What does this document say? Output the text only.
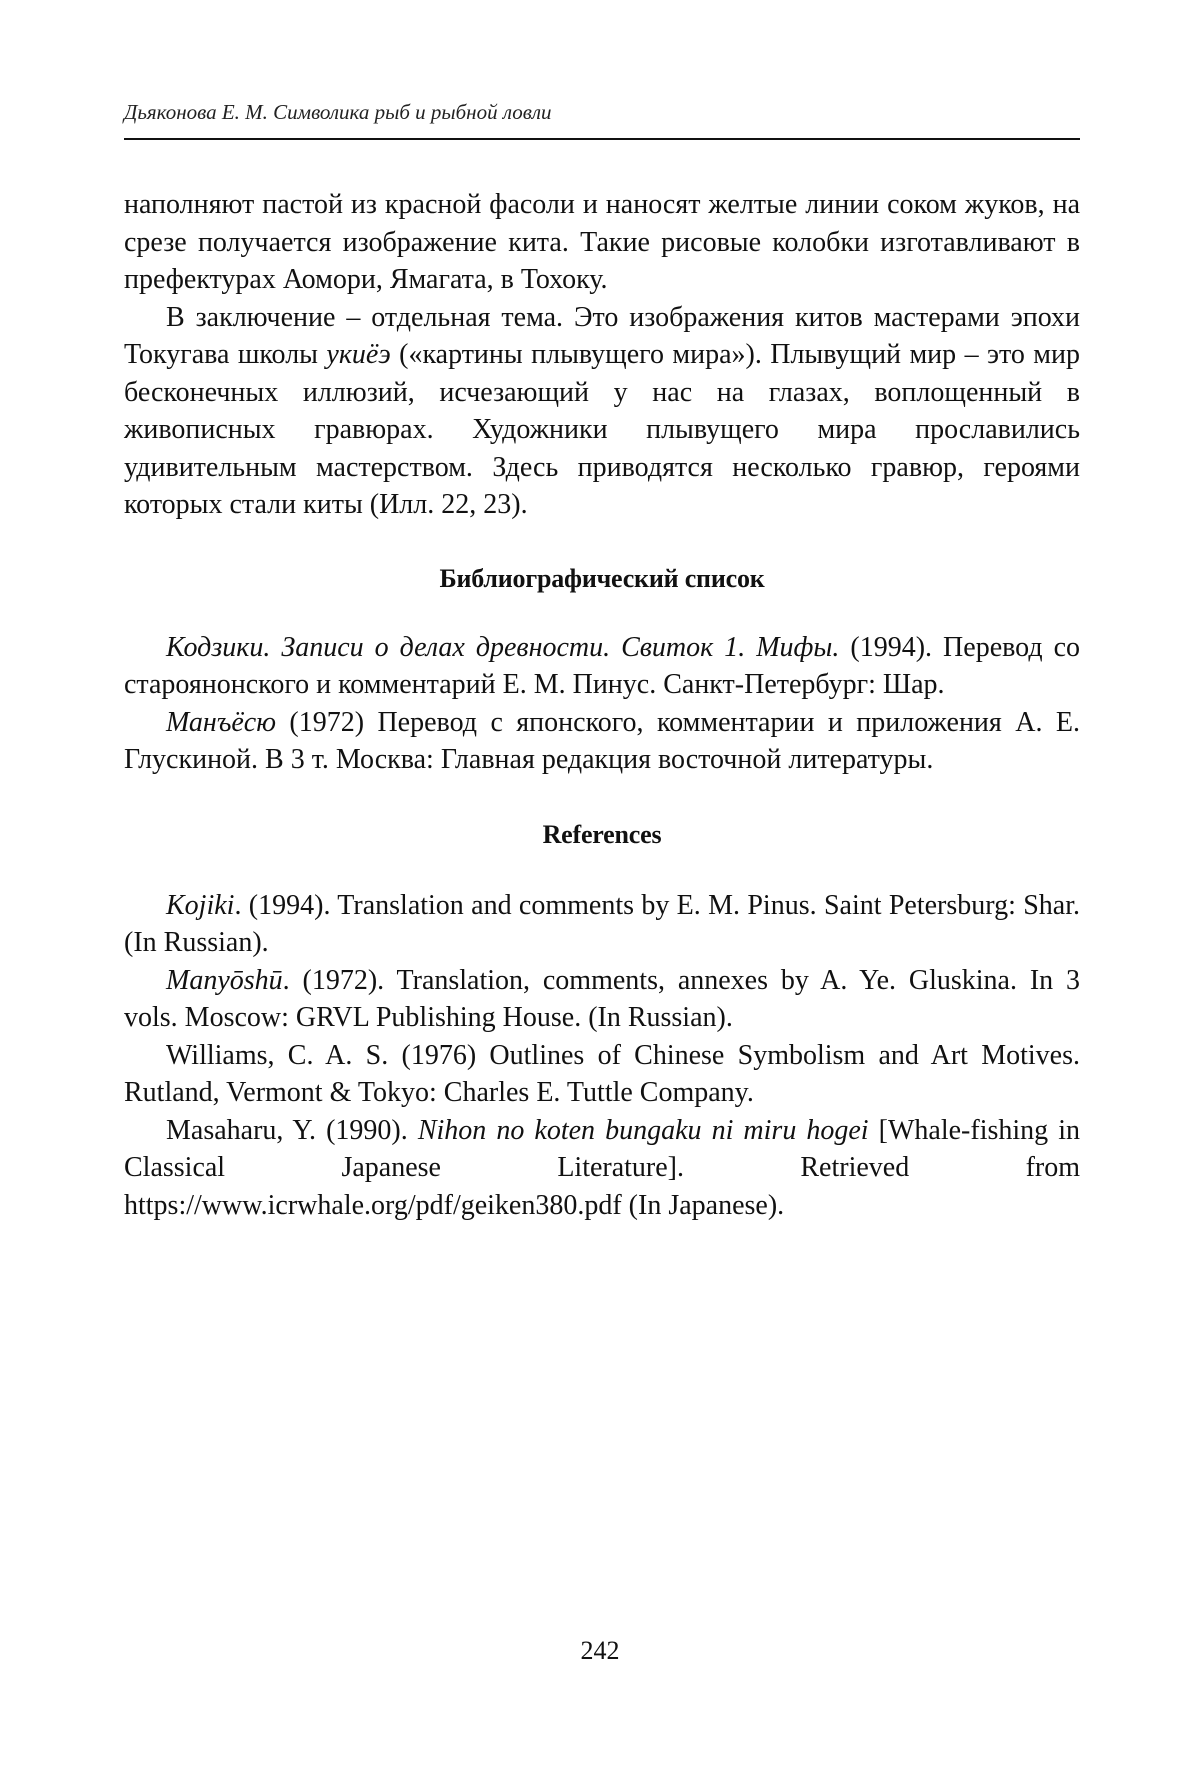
Дьяконова Е. М. Символика рыб и рыбной ловли

наполняют пастой из красной фасоли и наносят желтые линии соком жуков, на срезе получается изображение кита. Такие рисовые колобки изготавливают в префектурах Аомори, Ямагата, в Тохоку.

В заключение – отдельная тема. Это изображения китов мастерами эпохи Токугава школы укиёэ («картины плывущего мира»). Плывущий мир – это мир бесконечных иллюзий, исчезающий у нас на глазах, воплощенный в живописных гравюрах. Художники плывущего мира прославились удивительным мастерством. Здесь приводятся несколько гравюр, героями которых стали киты (Илл. 22, 23).

Библиографический список

Кодзики. Записи о делах древности. Свиток 1. Мифы. (1994). Перевод со староянонского и комментарий Е. М. Пинус. Санкт-Петербург: Шар.

Манъёсю (1972) Перевод с японского, комментарии и приложения А. Е. Глускиной. В 3 т. Москва: Главная редакция восточной литературы.

References

Kojiki. (1994). Translation and comments by E. M. Pinus. Saint Petersburg: Shar. (In Russian).

Manyōshū. (1972). Translation, comments, annexes by A. Ye. Gluskina. In 3 vols. Moscow: GRVL Publishing House. (In Russian).

Williams, C. A. S. (1976) Outlines of Chinese Symbolism and Art Motives. Rutland, Vermont & Tokyo: Charles E. Tuttle Company.

Masaharu, Y. (1990). Nihon no koten bungaku ni miru hogei [Whale-fishing in Classical Japanese Literature]. Retrieved from https://www.icrwhale.org/pdf/geiken380.pdf (In Japanese).

242
